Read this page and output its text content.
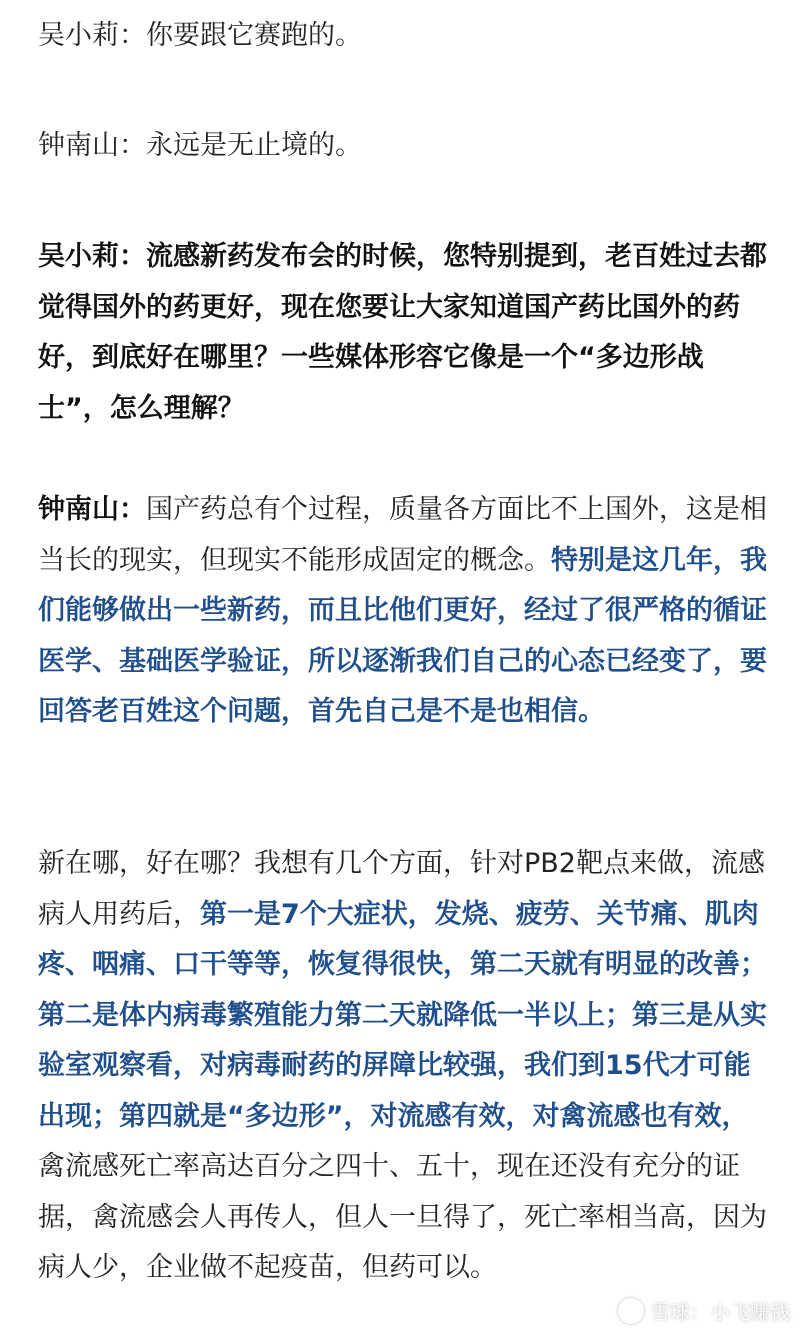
吴小莉：你要跟它赛跑的。

钟南山：永远是无止境的。

吴小莉：流感新药发布会的时候，您特别提到，老百姓过去都觉得国外的药更好，现在您要让大家知道国产药比国外的药好，到底好在哪里？一些媒体形容它像是一个“多边形战士”，怎么理解？

钟南山：国产药总有个过程，质量各方面比不上国外，这是相当长的现实，但现实不能形成固定的概念。特别是这几年，我们能够做出一些新药，而且比他们更好，经过了很严格的循证医学、基础医学验证，所以逐渐我们自己的心态已经变了，要回答老百姓这个问题，首先自己是不是也相信。

新在哪，好在哪？我想有几个方面，针对PB2靶点来做，流感病人用药后，第一是7个大症状，发烧、疲劳、关节痛、肌肉疼、咽痛、口干等等，恢复得很快，第二天就有明显的改善；第二是体内病毒繁殖能力第二天就降低一半以上；第三是从实验室观察看，对病毒耐药的屏障比较强，我们到15代才可能出现；第四就是“多边形”，对流感有效，对禽流感也有效，禽流感死亡率高达百分之四十、五十，现在还没有充分的证据，禽流感会人再传人，但人一旦得了，死亡率相当高，因为病人少，企业做不起疫苗，但药可以。

雪球：小飞赚钱
